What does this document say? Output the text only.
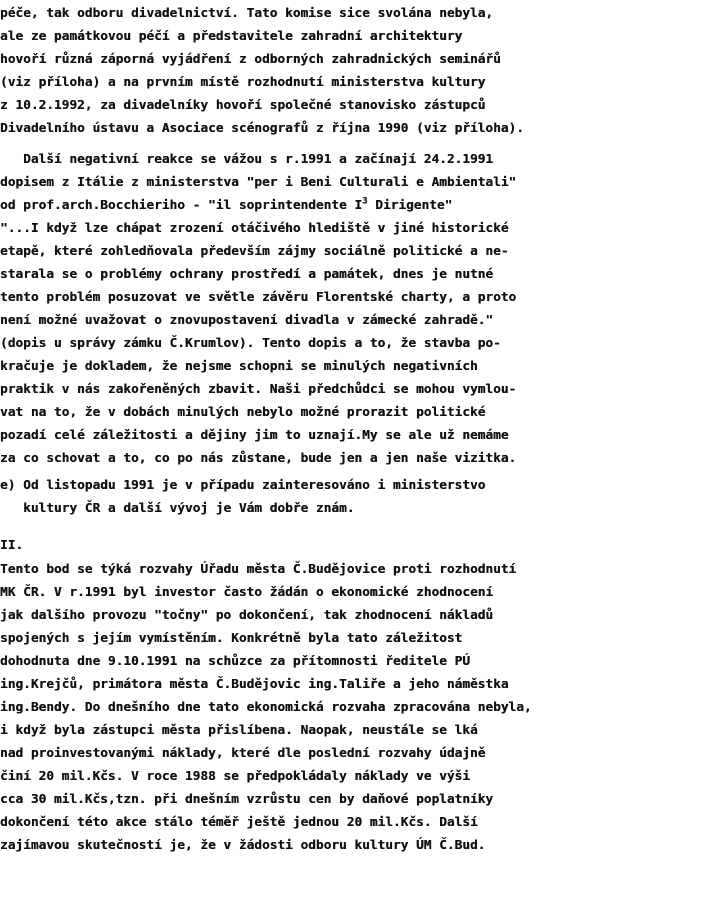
péče, tak odboru divadelnictví. Tato komise sice svolána nebyla,
ale ze památkovou péčí a představitele zahradní architektury
hovoří různá záporná vyjádření z odborných zahradnických seminářů
(viz příloha) a na prvním místě rozhodnutí ministerstva kultury
z 10.2.1992, za divadelníky hovoří společné stanovisko zástupců
Divadelního ústavu a Asociace scénografů z října 1990 (viz příloha).
Další negativní reakce se vážou s r.1991 a začínají 24.2.1991
dopisem z Itálie z ministerstva "per i Beni Culturali e Ambientali"
od prof.arch.Bocchieriho - "il soprintendente $I^3$ Dirigente"
"...I když lze chápat zrození otáčivého hlediště v jiné historické
etapě, které zohledňovala především zájmy sociálně politické a ne-
starala se o problémy ochrany prostředí a památek, dnes je nutné
tento problém posuzovat ve světle závěru Florentské charty, a proto
není možné uvažovat o znovupostavení divadla v zámecké zahradě."
(dopis u správy zámku Č.Krumlov). Tento dopis a to, že stavba po-
kračuje je dokladem, že nejsme schopni se minulých negativních
praktik v nás zakořeněných zbavit. Naši předchůdci se mohou vymlou-
vat na to, že v dobách minulých nebylo možné prorazit politické
pozadí celé záležitosti a dějiny jim to uznají.My se ale už nemáme
za co schovat a to, co po nás zůstane, bude jen a jen naše vizitka.
e) Od listopadu 1991 je v případu zainteresováno i ministerstvo
kultury ČR a další vývoj je Vám dobře znám.
II.
Tento bod se týká rozvahy Úřadu města Č.Budějovice proti rozhodnutí
MK ČR. V r.1991 byl investor často žádán o ekonomické zhodnocení
jak dalšího provozu "točny" po dokončení, tak zhodnocení nákladů
spojených s jejím vymístěním. Konkrétně byla tato záležitost
dohodnuta dne 9.10.1991 na schůzce za přítomnosti ředitele PÚ
ing.Krejčů, primátora města Č.Budějovic ing.Taliře a jeho náměstka
ing.Bendy. Do dnešního dne tato ekonomická rozvaha zpracována nebyla,
i když byla zástupci města přislíbena. Naopak, neustále se lká
nad proinvestovanými náklady, které dle poslední rozvahy údajně
činí 20 mil.Kčs. V roce 1988 se předpokládaly náklady ve výši
cca 30 mil.Kčs,tzn. při dnešním vzrůstu cen by daňové poplatníky
dokončení této akce stálo téměř ještě jednou 20 mil.Kčs. Další
zajímavou skutečností je, že v žádosti odboru kultury ÚM Č.Bud.
